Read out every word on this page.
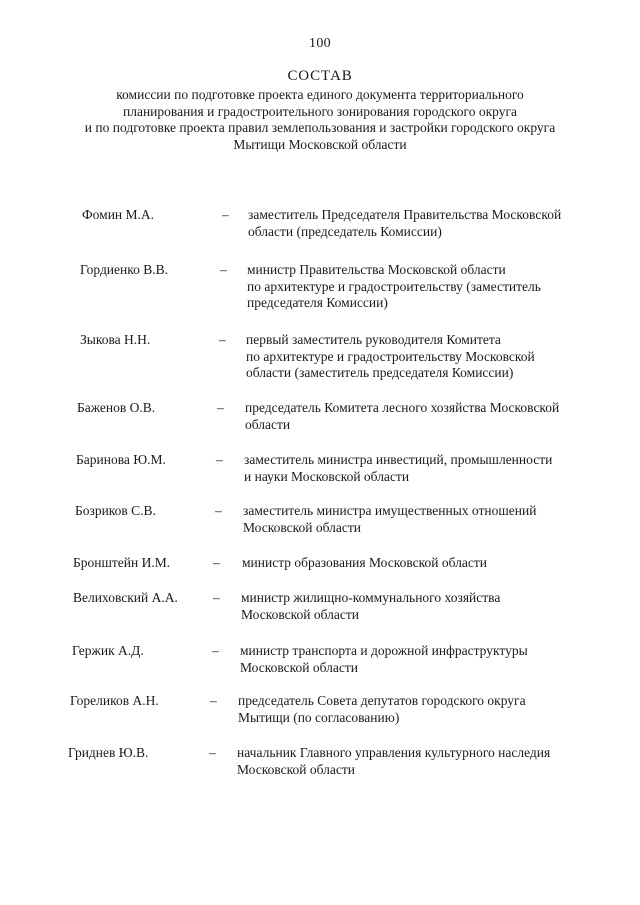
100
СОСТАВ
комиссии по подготовке проекта единого документа территориального
планирования и градостроительного зонирования городского округа
и по подготовке проекта правил землепользования и застройки городского округа
Мытищи Московской области
Фомин М.А.	– заместитель Председателя Правительства Московской
области (председатель Комиссии)
Гордиенко В.В.	– министр Правительства Московской области
по архитектуре и градостроительству (заместитель
председателя Комиссии)
Зыкова Н.Н.	– первый заместитель руководителя Комитета
по архитектуре и градостроительству Московской
области (заместитель председателя Комиссии)
Баженов О.В.	– председатель Комитета лесного хозяйства Московской
области
Баринова Ю.М.	– заместитель министра инвестиций, промышленности
и науки Московской области
Бозриков С.В.	– заместитель министра имущественных отношений
Московской области
Бронштейн И.М.	– министр образования Московской области
Велиховский А.А.	– министр жилищно-коммунального хозяйства
Московской области
Гержик А.Д.	– министр транспорта и дорожной инфраструктуры
Московской области
Гореликов А.Н.	– председатель Совета депутатов городского округа
Мытищи (по согласованию)
Гриднев Ю.В.	– начальник Главного управления культурного наследия
Московской области
